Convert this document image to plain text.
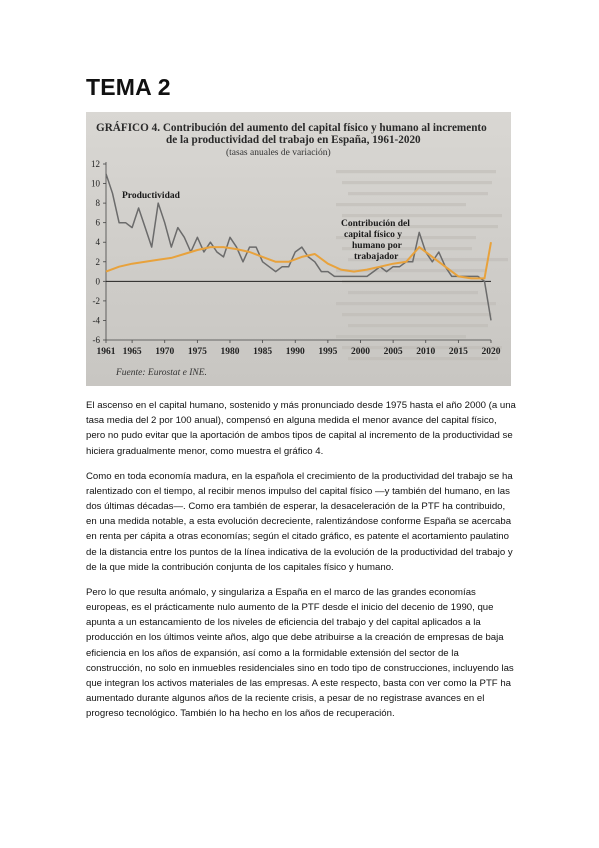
TEMA 2
12
10
8
6
4
2
0
-2
-4
-6
1961 1965 1970 1975 1980 1985 1990 1995 2000 2005 2010 2015 2020
Productividad
Contribución del
capital físico y
humano por
trabajador
GRÁFICO 4. Contribución del aumento del capital físico y humano al incremento
de la productividad del trabajo en España, 1961-2020
(tasas anuales de variación)
Fuente: Eurostat e INE.

El ascenso en el capital humano, sostenido y más pronunciado desde 1975 hasta el año 2000 (a una tasa media del 2 por 100 anual), compensó en alguna medida el menor avance del capital físico, pero no pudo evitar que la aportación de ambos tipos de capital al incremento de la productividad se hiciera gradualmente menor, como muestra el gráfico 4.

Como en toda economía madura, en la española el crecimiento de la productividad del trabajo se ha ralentizado con el tiempo, al recibir menos impulso del capital físico —y también del humano, en las dos últimas décadas—. Como era también de esperar, la desaceleración de la PTF ha contribuido, en una medida notable, a esta evolución decreciente, ralentizándose conforme España se acercaba en renta per cápita a otras economías; según el citado gráfico, es patente el acortamiento paulatino de la distancia entre los puntos de la línea indicativa de la evolución de la productividad del trabajo y de la que mide la contribución conjunta de los capitales físico y humano.

Pero lo que resulta anómalo, y singulariza a España en el marco de las grandes economías europeas, es el prácticamente nulo aumento de la PTF desde el inicio del decenio de 1990, que apunta a un estancamiento de los niveles de eficiencia del trabajo y del capital aplicados a la producción en los últimos veinte años, algo que debe atribuirse a la creación de empresas de baja eficiencia en los años de expansión, así como a la formidable extensión del sector de la construcción, no solo en inmuebles residenciales sino en todo tipo de construcciones, incluyendo las que integran los activos materiales de las empresas. A este respecto, basta con ver como la PTF ha aumentado durante algunos años de la reciente crisis, a pesar de no registrase avances en el progreso tecnológico. También lo ha hecho en los años de recuperación.
